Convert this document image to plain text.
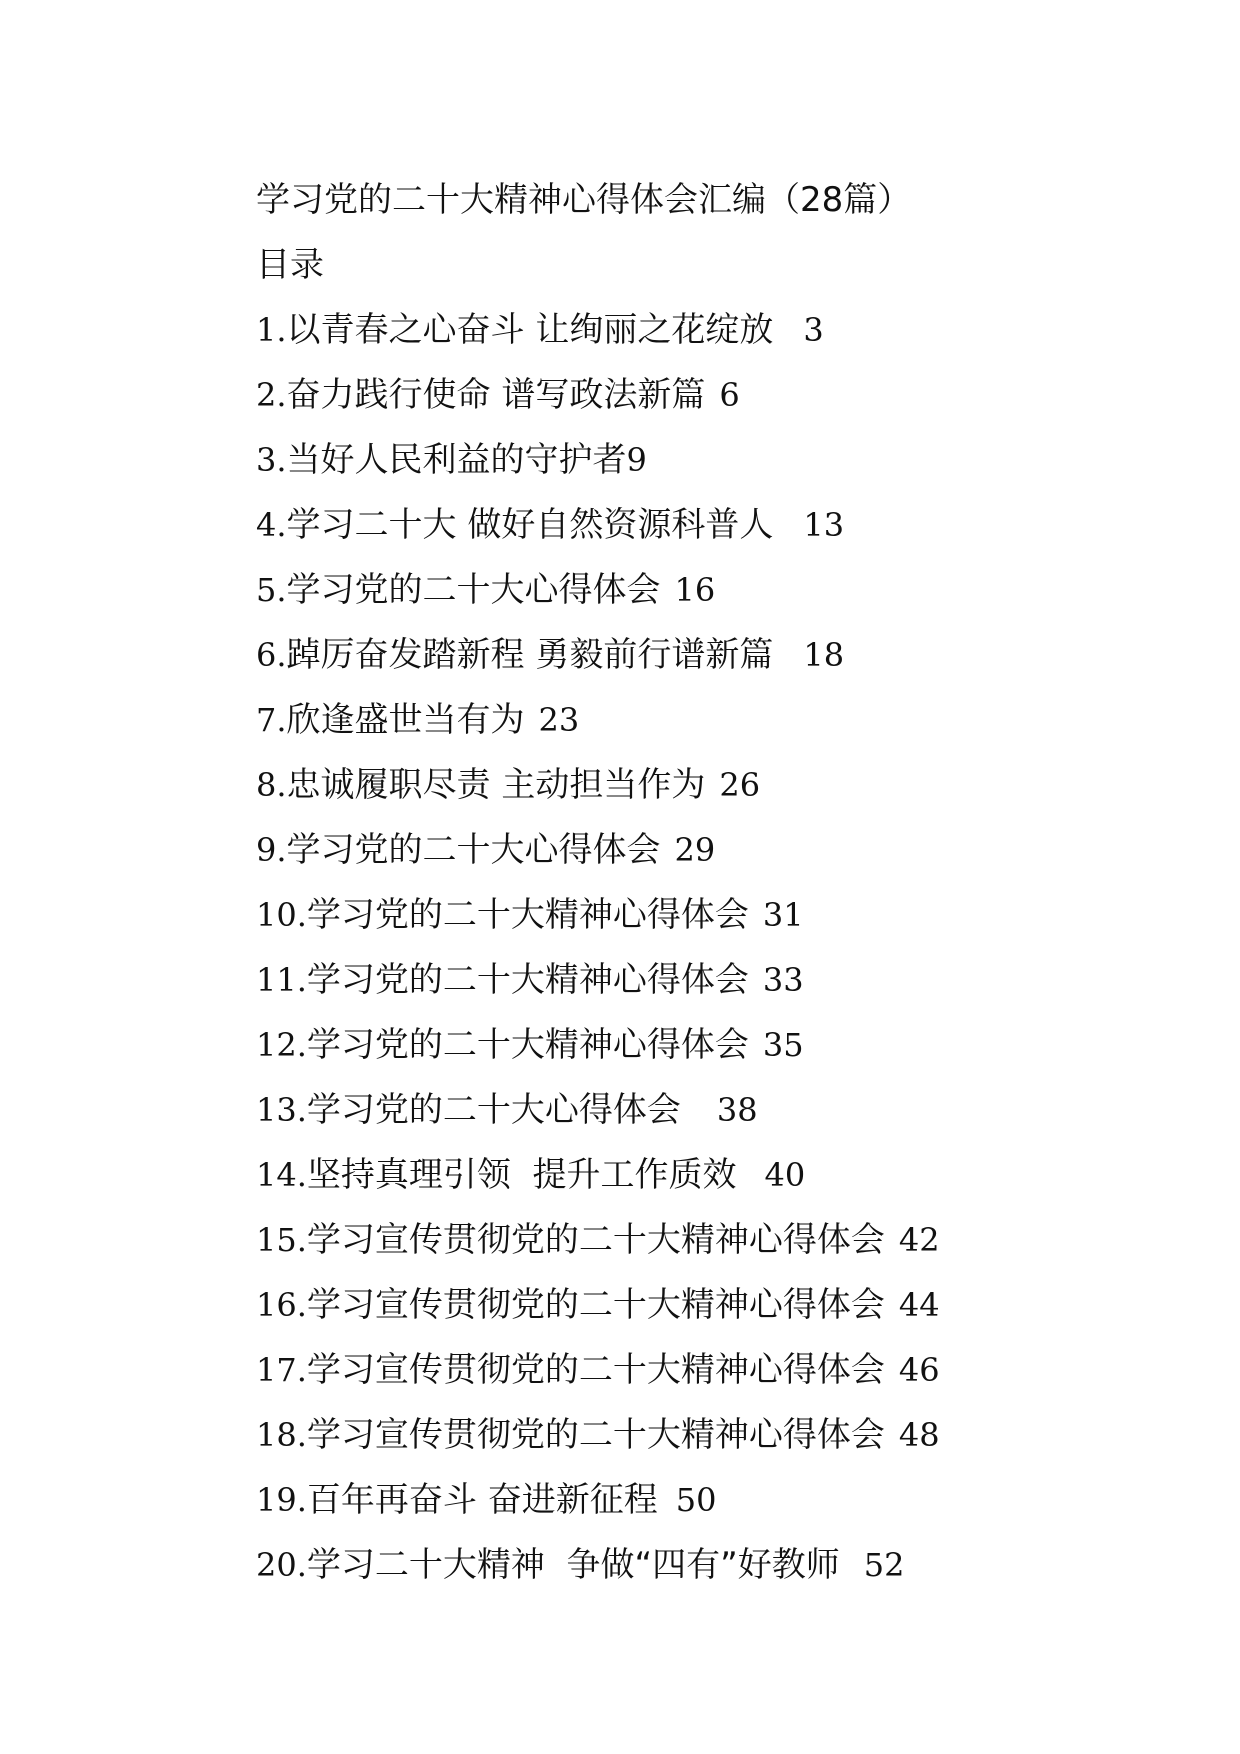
学习党的二十大精神心得体会汇编（28篇）
目录
1.以青春之心奋斗 让绚丽之花绽放 3
2.奋力践行使命 谱写政法新篇 6
3.当好人民利益的守护者9
4.学习二十大 做好自然资源科普人 13
5.学习党的二十大心得体会 16
6.踔厉奋发踏新程 勇毅前行谱新篇 18
7.欣逢盛世当有为 23
8.忠诚履职尽责 主动担当作为 26
9.学习党的二十大心得体会 29
10.学习党的二十大精神心得体会 31
11.学习党的二十大精神心得体会 33
12.学习党的二十大精神心得体会 35
13.学习党的二十大心得体会 38
14.坚持真理引领  提升工作质效 40
15.学习宣传贯彻党的二十大精神心得体会 42
16.学习宣传贯彻党的二十大精神心得体会 44
17.学习宣传贯彻党的二十大精神心得体会 46
18.学习宣传贯彻党的二十大精神心得体会 48
19.百年再奋斗 奋进新征程 50
20.学习二十大精神  争做“四有”好教师 52
